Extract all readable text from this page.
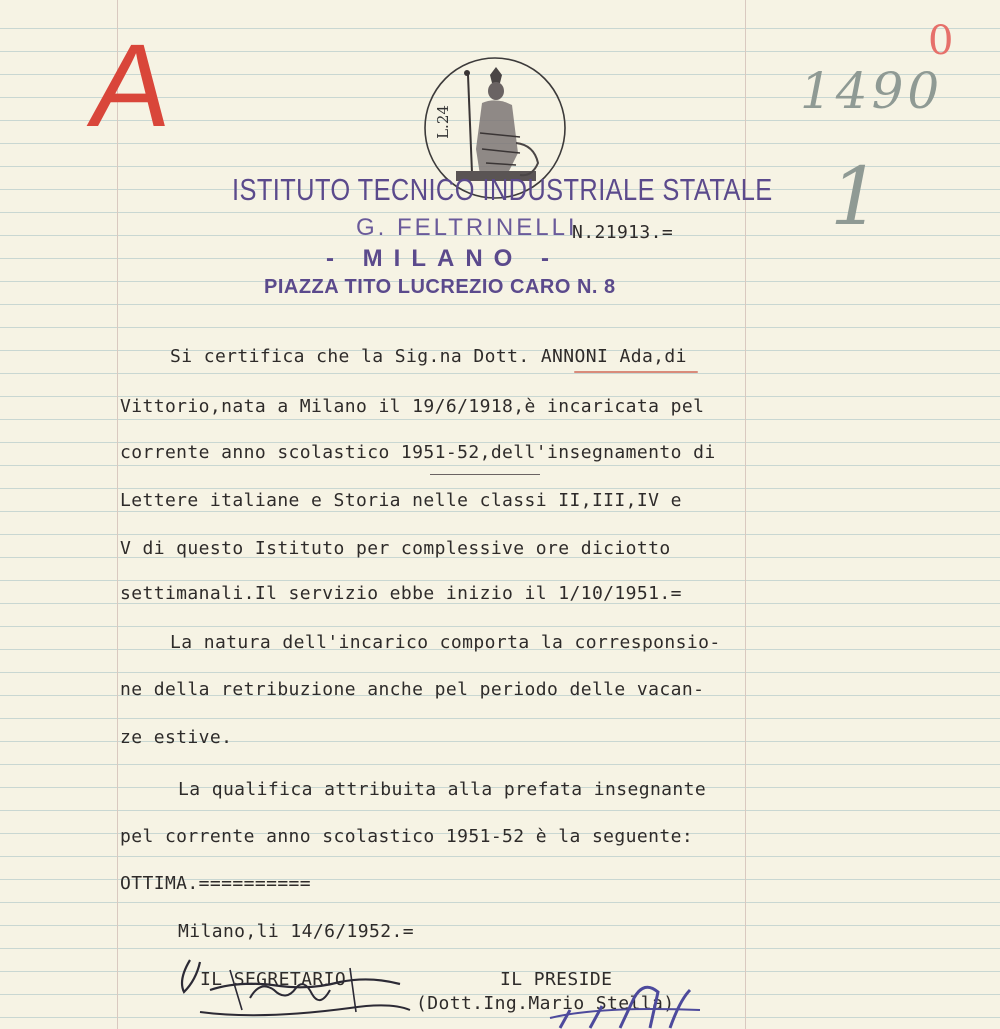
A	1490
1
0
L.24
ISTITUTO TECNICO INDUSTRIALE STATALE
G. FELTRINELLI
N.21913.=
- MILANO -
PIAZZA TITO LUCREZIO CARO N. 8
Si certifica che la Sig.na Dott. ANNONI Ada,di
Vittorio,nata a Milano il 19/6/1918,è incaricata pel
corrente anno scolastico 1951-52,dell'insegnamento di
Lettere italiane e Storia nelle classi II,III,IV e
V di questo Istituto per complessive ore diciotto
settimanali.Il servizio ebbe inizio il 1/10/1951.=
La natura dell'incarico comporta la corresponsio-
ne della retribuzione anche pel periodo delle vacan-
ze estive.
La qualifica attribuita alla prefata insegnante
pel corrente anno scolastico 1951-52 è la seguente:
OTTIMA.==========
Milano,li 14/6/1952.=
IL SEGRETARIO	IL PRESIDE
(Dott.Ing.Mario Stella)
